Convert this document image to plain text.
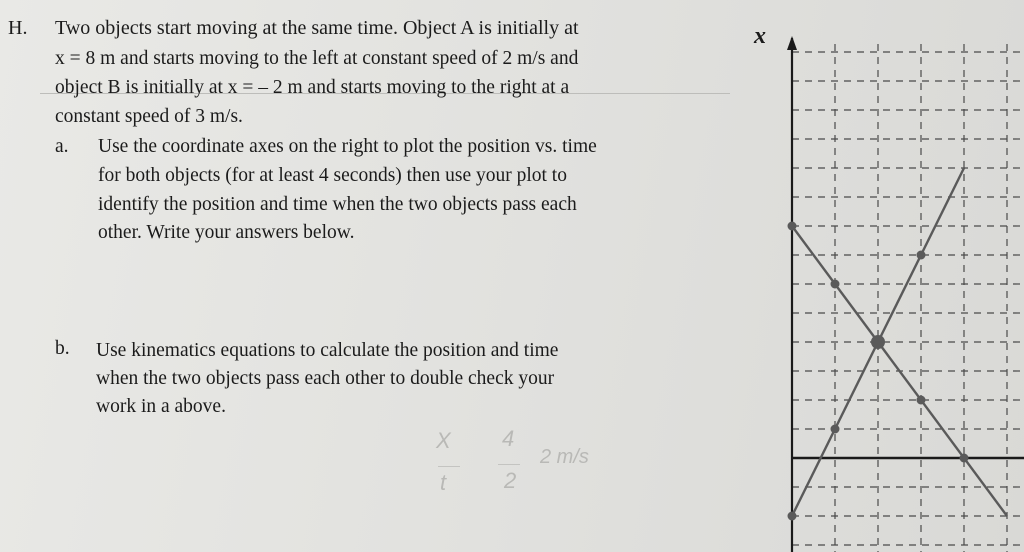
H. Two objects start moving at the same time. Object A is initially at
x = 8 m and starts moving to the left at constant speed of 2 m/s and
object B is initially at x = – 2 m and starts moving to the right at a
constant speed of 3 m/s.
a. Use the coordinate axes on the right to plot the position vs. time
for both objects (for at least 4 seconds) then use your plot to
identify the position and time when the two objects pass each
other. Write your answers below.
b. Use kinematics equations to calculate the position and time
when the two objects pass each other to double check your
work in a above.
X
t
4
2
2 m/s
x
